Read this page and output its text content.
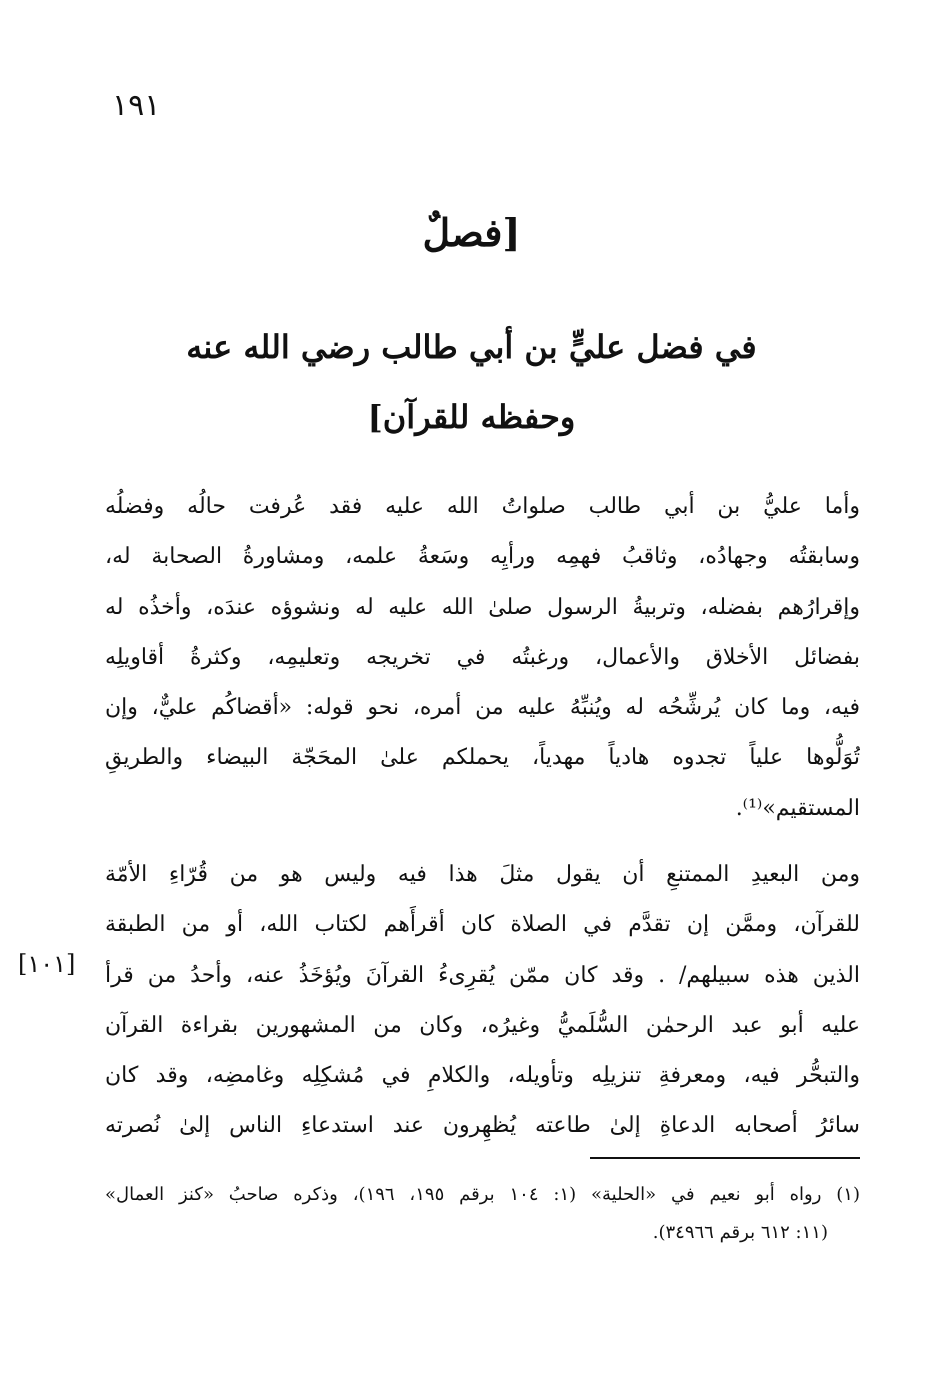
١٩١
[فصلٌ
في فضل عليٍّ بن أبي طالب رضي الله عنه
وحفظه للقرآن]
وأما عليُّ بن أبي طالب صلواتُ الله عليه فقد عُرفت حالُه وفضلُه
وسابقتُه وجهادُه، وثاقبُ فهمِه ورأيِه وسَعةُ علمه، ومشاورةُ الصحابة له،
وإقرارُهم بفضله، وتربيةُ الرسول صلىٰ الله عليه له ونشوؤه عندَه، وأخذُه له
بفضائل الأخلاق والأعمال، ورغبتُه في تخريجه وتعليمِه، وكثرةُ أقاويلِه
فيه، وما كان يُرشِّحُه له ويُنبِّهُ عليه من أمره، نحو قوله: «أقضاكُم عليٌّ، وإن
تُوَلُّوها علياً تجدوه هادياً مهدياً، يحملكم علىٰ المحَجّة البيضاء والطريقِ
المستقيم»⁽¹⁾.
ومن البعيدِ الممتنعِ أن يقول مثلَ هذا فيه وليس هو من قُرّاءِ الأمّة
للقرآن، وممَّن إن تقدَّم في الصلاة كان أقرأَهم لكتاب الله، أو من الطبقة
الذين هذه سبيلهم/ . وقد كان ممّن يُقرِىءُ القرآنَ ويُؤخَذُ عنه، وأحدُ من قرأ
عليه أبو عبد الرحمٰن السُّلَميُّ وغيرُه، وكان من المشهورين بقراءة القرآن
والتبحُّر فيه، ومعرفةِ تنزيلِه وتأويله، والكلامِ في مُشكِلِه وغامضِه، وقد كان
سائرُ أصحابه الدعاةِ إلىٰ طاعته يُظهِرون عند استدعاءِ الناس إلىٰ نُصرته
[١٠١]
(١) رواه أبو نعيم في «الحلية» (١: ١٠٤ برقم ١٩٥، ١٩٦)، وذكره صاحبُ «كنز العمال»
(١١: ٦١٢ برقم ٣٤٩٦٦).
